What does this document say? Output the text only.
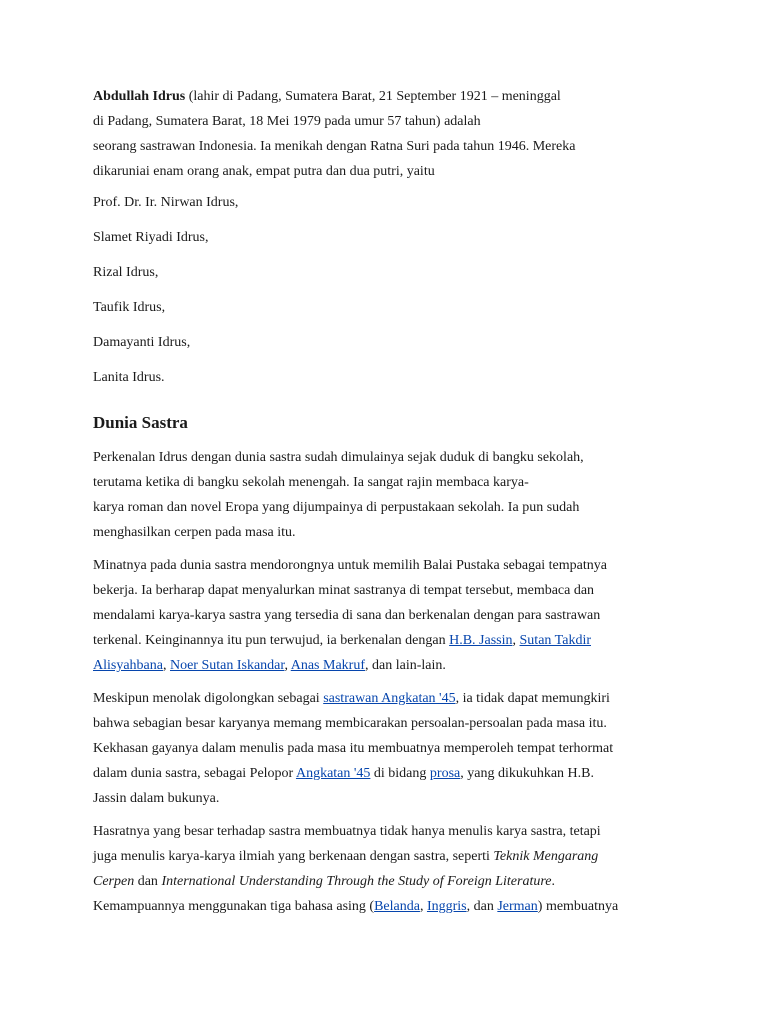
Abdullah Idrus (lahir di Padang, Sumatera Barat, 21 September 1921 – meninggal
di Padang, Sumatera Barat, 18 Mei 1979 pada umur 57 tahun) adalah
seorang sastrawan Indonesia. Ia menikah dengan Ratna Suri pada tahun 1946. Mereka
dikaruniai enam orang anak, empat putra dan dua putri, yaitu

Prof. Dr. Ir. Nirwan Idrus,

Slamet Riyadi Idrus,

Rizal Idrus,

Taufik Idrus,

Damayanti Idrus,

Lanita Idrus.

Dunia Sastra
Perkenalan Idrus dengan dunia sastra sudah dimulainya sejak duduk di bangku sekolah,
terutama ketika di bangku sekolah menengah. Ia sangat rajin membaca karya-
karya roman dan novel Eropa yang dijumpainya di perpustakaan sekolah. Ia pun sudah
menghasilkan cerpen pada masa itu.
Minatnya pada dunia sastra mendorongnya untuk memilih Balai Pustaka sebagai tempatnya
bekerja. Ia berharap dapat menyalurkan minat sastranya di tempat tersebut, membaca dan
mendalami karya-karya sastra yang tersedia di sana dan berkenalan dengan para sastrawan
terkenal. Keinginannya itu pun terwujud, ia berkenalan dengan H.B. Jassin, Sutan Takdir
Alisyahbana, Noer Sutan Iskandar, Anas Makruf, dan lain-lain.
Meskipun menolak digolongkan sebagai sastrawan Angkatan '45, ia tidak dapat memungkiri
bahwa sebagian besar karyanya memang membicarakan persoalan-persoalan pada masa itu.
Kekhasan gayanya dalam menulis pada masa itu membuatnya memperoleh tempat terhormat
dalam dunia sastra, sebagai Pelopor Angkatan '45 di bidang prosa, yang dikukuhkan H.B.
Jassin dalam bukunya.
Hasratnya yang besar terhadap sastra membuatnya tidak hanya menulis karya sastra, tetapi
juga menulis karya-karya ilmiah yang berkenaan dengan sastra, seperti Teknik Mengarang
Cerpen dan International Understanding Through the Study of Foreign Literature.
Kemampuannya menggunakan tiga bahasa asing (Belanda, Inggris, dan Jerman) membuatnya
